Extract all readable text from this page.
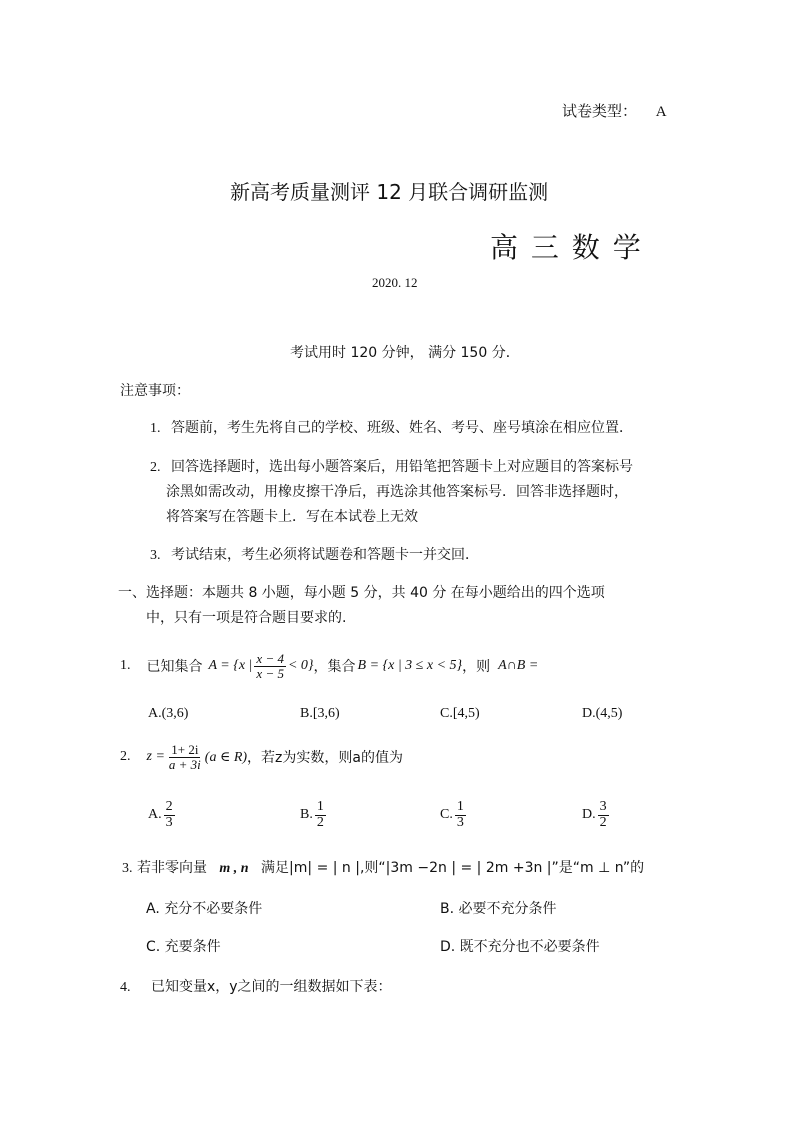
试卷类型： A
新高考质量测评 12 月联合调研监测
高 三 数 学
2020. 12
考试用时 120 分钟， 满分 150 分．
注意事项：
1. 答题前，考生先将自己的学校、班级、姓名、考号、座号填涂在相应位置．
2. 回答选择题时，选出每小题答案后，用铅笔把答题卡上对应题目的答案标号
涂黑如需改动，用橡皮擦干净后，再选涂其他答案标号．回答非选择题时，
将答案写在答题卡上．写在本试卷上无效
3. 考试结束，考生必须将试题卷和答题卡一并交回．
一、选择题：本题共 8 小题，每小题 5 分，共 40 分 在每小题给出的四个选项
中，只有一项是符合题目要求的.
1. 已知集合 A = {x | $\frac{x - 4}{x - 5} < 0$} ，集合 B = {x | 3 ≤ x < 5} ，则 A∩B =
A.(3,6)	B.[3,6)	C.[4,5)	D.(4,5)
2. $z = \frac{1+ 2i}{a + 3i} (a$ ∈ R) ，若z为实数，则a的值为
A. $\frac{2}{3}$	B. $\frac{1}{2}$	C. $\frac{1}{3}$	D. $\frac{3}{2}$
3. 若非零向量 m , n 满足|m| = | n |,则“|3m −2n | = | 2m +3n |”是“m ⊥ n”的
A. 充分不必要条件	B. 必要不充分条件
C. 充要条件	D. 既不充分也不必要条件
4. 已知变量x，y之间的一组数据如下表：
